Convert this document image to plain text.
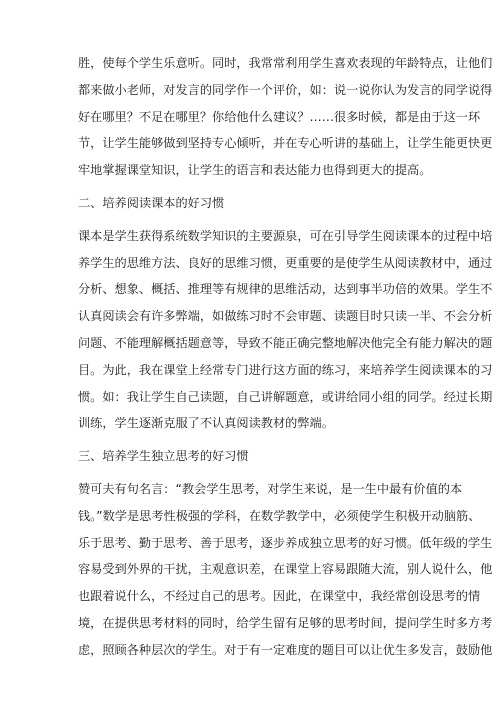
胜，使每个学生乐意听。同时，我常常利用学生喜欢表现的年龄特点，让他们
都来做小老师，对发言的同学作一个评价，如：说一说你认为发言的同学说得
好在哪里？不足在哪里？你给他什么建议？……很多时候，都是由于这一环
节，让学生能够做到坚持专心倾听，并在专心听讲的基础上，让学生能更快更
牢地掌握课堂知识，让学生的语言和表达能力也得到更大的提高。
二、培养阅读课本的好习惯
课本是学生获得系统数学知识的主要源泉，可在引导学生阅读课本的过程中培
养学生的思维方法、良好的思维习惯，更重要的是使学生从阅读教材中，通过
分析、想象、概括、推理等有规律的思维活动，达到事半功倍的效果。学生不
认真阅读会有许多弊端，如做练习时不会审题、读题目时只读一半、不会分析
问题、不能理解概括题意等，导致不能正确完整地解决他完全有能力解决的题
目。为此，我在课堂上经常专门进行这方面的练习，来培养学生阅读课本的习
惯。如：我让学生自己读题，自己讲解题意，或讲给同小组的同学。经过长期
训练，学生逐渐克服了不认真阅读教材的弊端。
三、培养学生独立思考的好习惯
赞可夫有句名言：“教会学生思考，对学生来说，是一生中最有价值的本
钱。”数学是思考性极强的学科，在数学教学中，必须使学生积极开动脑筋、
乐于思考、勤于思考、善于思考，逐步养成独立思考的好习惯。低年级的学生
容易受到外界的干扰，主观意识差，在课堂上容易跟随大流，别人说什么，他
也跟着说什么，不经过自己的思考。因此，在课堂中，我经常创设思考的情
境，在提供思考材料的同时，给学生留有足够的思考时间，提问学生时多方考
虑，照顾各种层次的学生。对于有一定难度的题目可以让优生多发言，鼓励他
